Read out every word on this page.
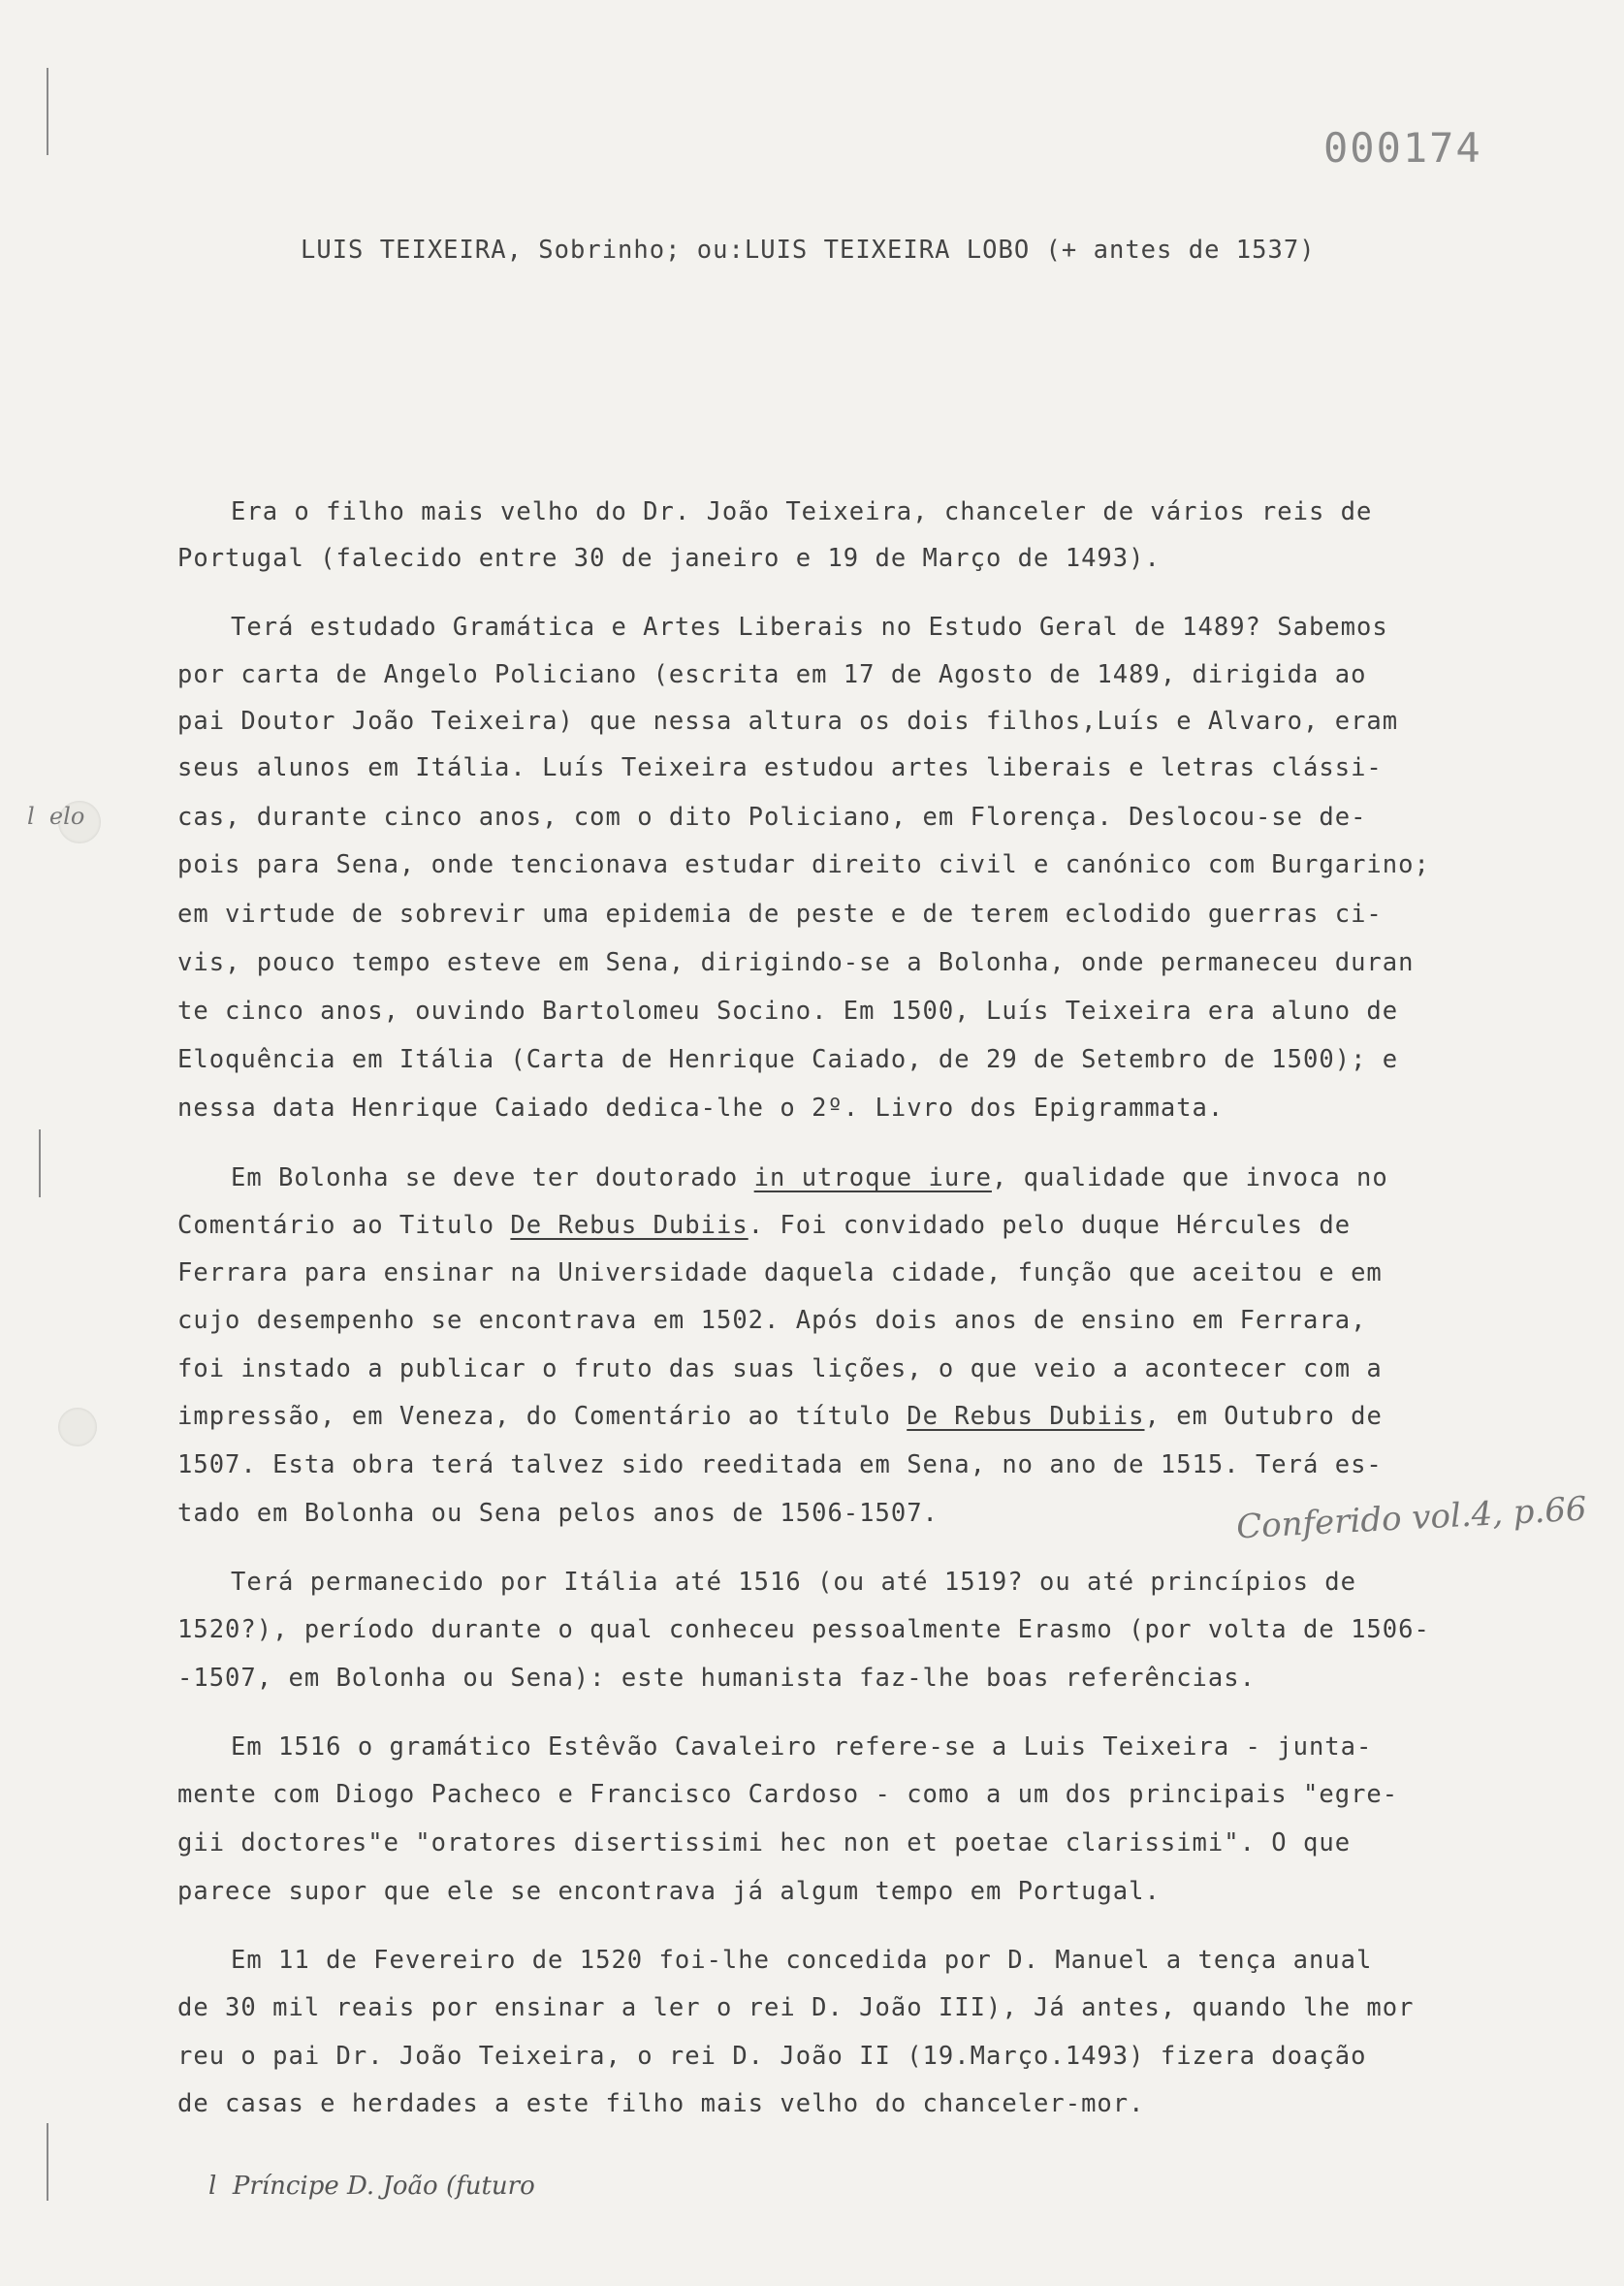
000174
LUIS TEIXEIRA, Sobrinho; ou:LUIS TEIXEIRA LOBO (+ antes de 1537)
Era o filho mais velho do Dr. João Teixeira, chanceler de vários reis de
Portugal (falecido entre 30 de janeiro e 19 de Março de 1493).
Terá estudado Gramática e Artes Liberais no Estudo Geral de 1489? Sabemos
por carta de Angelo Policiano (escrita em 17 de Agosto de 1489, dirigida ao
pai Doutor João Teixeira) que nessa altura os dois filhos,Luís e Alvaro, eram
seus alunos em Itália. Luís Teixeira estudou artes liberais e letras clássi-
cas, durante cinco anos, com o dito Policiano, em Florença. Deslocou-se de-
pois para Sena, onde tencionava estudar direito civil e canónico com Burgarino;
em virtude de sobrevir uma epidemia de peste e de terem eclodido guerras ci-
vis, pouco tempo esteve em Sena, dirigindo-se a Bolonha, onde permaneceu duran
te cinco anos, ouvindo Bartolomeu Socino. Em 1500, Luís Teixeira era aluno de
Eloquência em Itália (Carta de Henrique Caiado, de 29 de Setembro de 1500); e
nessa data Henrique Caiado dedica-lhe o 2º. Livro dos Epigrammata.
Em Bolonha se deve ter doutorado in utroque iure, qualidade que invoca no
Comentário ao Titulo De Rebus Dubiis. Foi convidado pelo duque Hércules de
Ferrara para ensinar na Universidade daquela cidade, função que aceitou e em
cujo desempenho se encontrava em 1502. Após dois anos de ensino em Ferrara,
foi instado a publicar o fruto das suas lições, o que veio a acontecer com a
impressão, em Veneza, do Comentário ao título De Rebus Dubiis, em Outubro de
1507. Esta obra terá talvez sido reeditada em Sena, no ano de 1515. Terá es-
tado em Bolonha ou Sena pelos anos de 1506-1507.
Terá permanecido por Itália até 1516 (ou até 1519? ou até princípios de
1520?), período durante o qual conheceu pessoalmente Erasmo (por volta de 1506-
-1507, em Bolonha ou Sena): este humanista faz-lhe boas referências.
Em 1516 o gramático Estêvão Cavaleiro refere-se a Luis Teixeira - junta-
mente com Diogo Pacheco e Francisco Cardoso - como a um dos principais "egre-
gii doctores"e "oratores disertissimi hec non et poetae clarissimi". O que
parece supor que ele se encontrava já algum tempo em Portugal.
Em 11 de Fevereiro de 1520 foi-lhe concedida por D. Manuel a tença anual
de 30 mil reais por ensinar a ler o rei D. João III), Já antes, quando lhe mor
reu o pai Dr. João Teixeira, o rei D. João II (19.Março.1493) fizera doação
de casas e herdades a este filho mais velho do chanceler-mor.
l  elo
Conferido vol.4, p.66
l  Príncipe D. João (futuro
